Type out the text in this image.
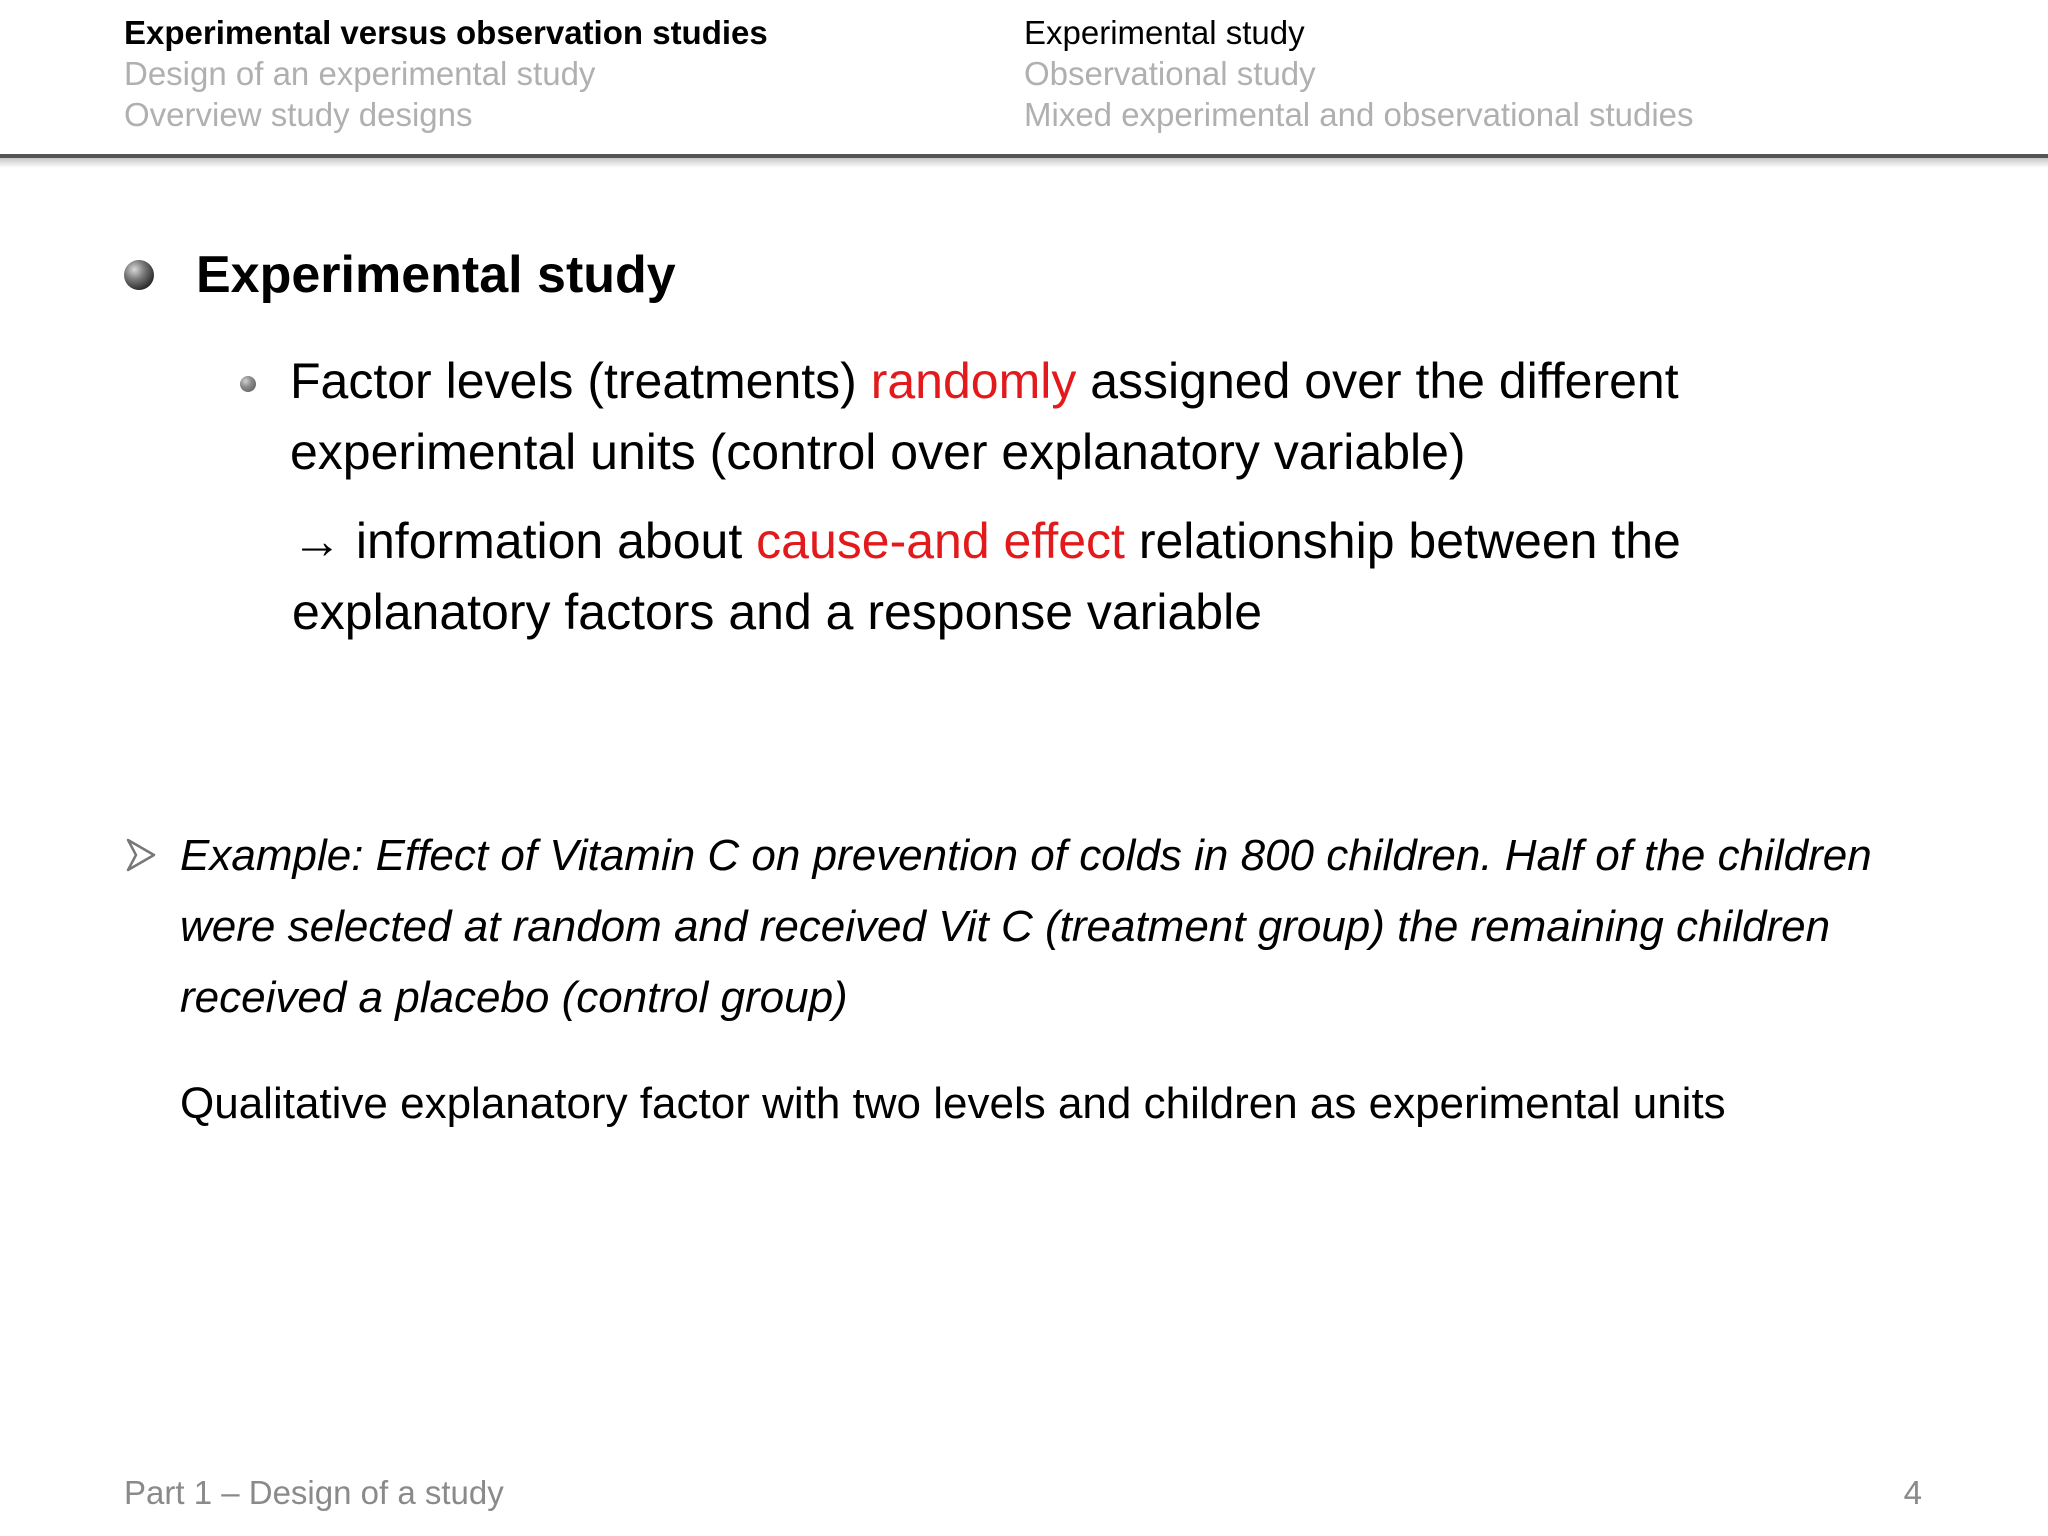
Experimental versus observation studies
Design of an experimental study
Overview study designs
Experimental study
Observational study
Mixed experimental and observational studies
Experimental study
Factor levels (treatments) randomly assigned over the different experimental units (control over explanatory variable)
→ information about cause-and effect relationship between the explanatory factors and a response variable
Example: Effect of Vitamin C on prevention of colds in 800 children. Half of the children were selected at random and received Vit C (treatment group) the remaining children received a placebo (control group)
Qualitative explanatory factor with two levels and children as experimental units
Part 1 – Design of a study	4
